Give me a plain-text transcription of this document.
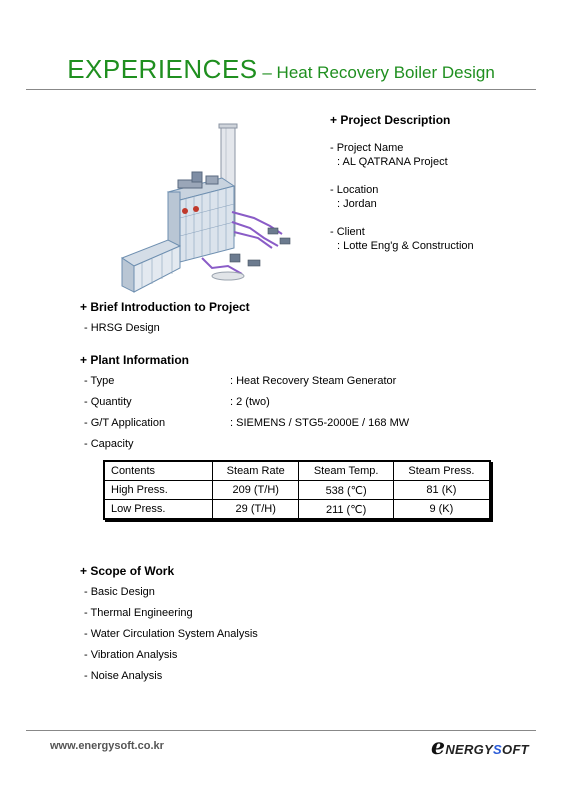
EXPERIENCES – Heat Recovery Boiler Design
+ Project Description
- Project Name
: AL QATRANA Project
- Location
: Jordan
- Client
: Lotte Eng'g & Construction
+ Brief Introduction to Project
- HRSG Design
+ Plant Information
- Type	: Heat Recovery Steam Generator
- Quantity	: 2 (two)
- G/T Application	: SIEMENS / STG5-2000E / 168 MW
- Capacity
Contents	Steam Rate	Steam Temp.	Steam Press.
High Press.	209 (T/H)	538 (℃)	81 (K)
Low Press.	29 (T/H)	211 (℃)	9 (K)
+ Scope of Work
- Basic Design
- Thermal Engineering
- Water Circulation System Analysis
- Vibration Analysis
- Noise Analysis
www.energysoft.co.kr	eNERGYSOFT
